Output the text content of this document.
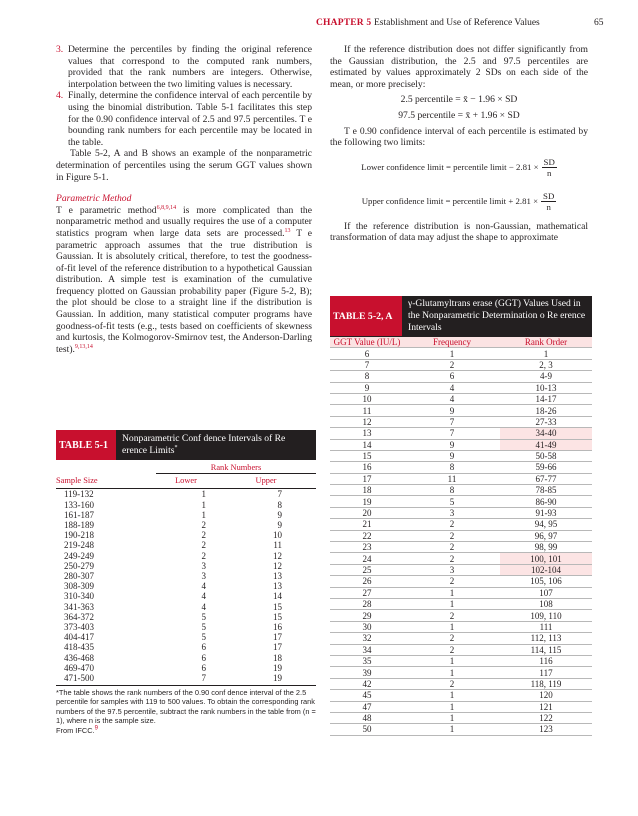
CHAPTER 5 Establishment and Use of Reference Values	65
3. Determine the percentiles by finding the original reference values that correspond to the computed rank numbers, provided that the rank numbers are integers. Otherwise, interpolation between the two limiting values is necessary.
4. Finally, determine the confidence interval of each percentile by using the binomial distribution. Table 5-1 facilitates this step for the 0.90 confidence interval of 2.5 and 97.5 percentiles. T e bounding rank numbers for each percentile may be located in the table.

Table 5-2, A and B shows an example of the nonparametric determination of percentiles using the serum GGT values shown in Figure 5-1.

Parametric Method

T e parametric method$^{6,8,9,14}$ is more complicated than the nonparametric method and usually requires the use of a computer statistics program when large data sets are processed.$^{13}$ T e parametric approach assumes that the true distribution is Gaussian. It is absolutely critical, therefore, to test the goodness-of-fit level of the reference distribution to a hypothetical Gaussian distribution. A simple test is examination of the cumulative frequency plotted on Gaussian probability paper (Figure 5-2, B); the plot should be close to a straight line if the distribution is Gaussian. In addition, many statistical computer programs have goodness-of-fit tests (e.g., tests based on coefficients of skewness and kurtosis, the Kolmogorov-Smirnov test, the Anderson-Darling test).$^{9,13,14}$

If the reference distribution does not differ significantly from the Gaussian distribution, the 2.5 and 97.5 percentiles are estimated by values approximately 2 SDs on each side of the mean, or more precisely:

2.5 percentile = x̄ − 1.96 × SD
97.5 percentile = x̄ + 1.96 × SD

T e 0.90 confidence interval of each percentile is estimated by the following two limits:

Lower confidence limit = percentile limit − $2.81 \times \frac{SD}{n}$
Upper confidence limit = percentile limit + $2.81 \times \frac{SD}{n}$

If the reference distribution is non-Gaussian, mathematical transformation of data may adjust the shape to approximate

TABLE 5-1
Nonparametric Conf dence Intervals of Re erence Limits*
	Rank Numbers	
Sample Size	Lower	Upper
119-132	1	7
133-160	1	8
161-187	1	9
188-189	2	9
190-218	2	10
219-248	2	11
249-249	2	12
250-279	3	12
280-307	3	13
308-309	4	13
310-340	4	14
341-363	4	15
364-372	5	15
373-403	5	16
404-417	5	17
418-435	6	17
436-468	6	18
469-470	6	19
471-500	7	19

*The table shows the rank numbers of the 0.90 conf dence interval of the 2.5 percentile for samples with 119 to 500 values. To obtain the corresponding rank numbers of the 97.5 percentile, subtract the rank numbers in the table from (n = 1), where n is the sample size.

From IFCC.$^9$

TABLE 5-2, A
γ-Glutamyltrans erase (GGT) Values Used in the Nonparametric Determination o Re erence Intervals
GGT Value (IU/L)	Frequency	Rank Order
6	1	1
7	2	2, 3
8	6	4-9
9	4	10-13
10	4	14-17
11	9	18-26
12	7	27-33
13	7	34-40
14	9	41-49
15	9	50-58
16	8	59-66
17	11	67-77
18	8	78-85
19	5	86-90
20	3	91-93
21	2	94, 95
22	2	96, 97
23	2	98, 99
24	2	100, 101
25	3	102-104
26	2	105, 106
27	1	107
28	1	108
29	2	109, 110
30	1	111
32	2	112, 113
34	2	114, 115
35	1	116
39	1	117
42	2	118, 119
45	1	120
47	1	121
48	1	122
50	1	123
